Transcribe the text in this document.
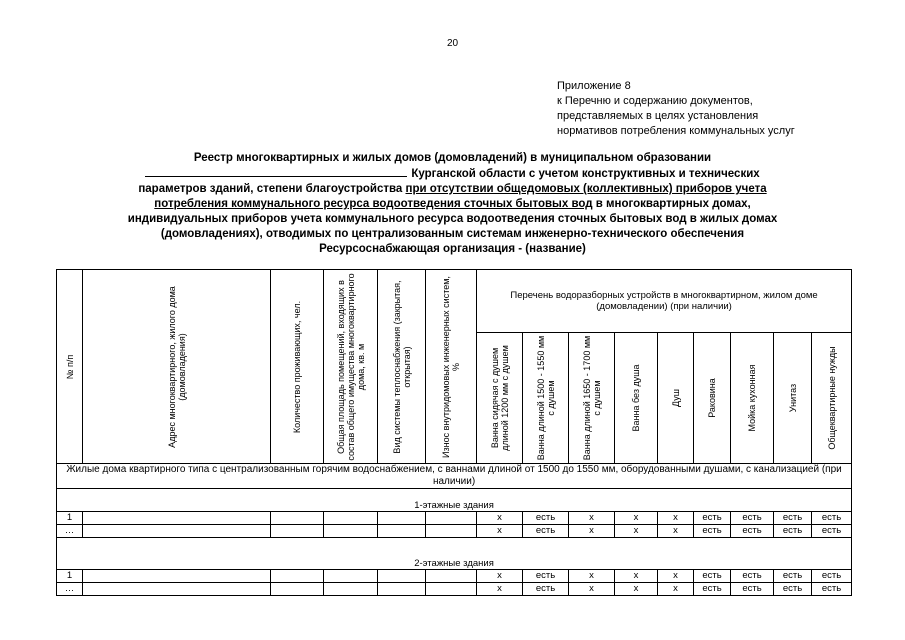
20
Приложение 8
к Перечню и содержанию документов,
представляемых в целях установления
нормативов потребления коммунальных услуг
Реестр многоквартирных и жилых домов (домовладений) в муниципальном образовании
Курганской области с учетом конструктивных и технических
параметров зданий, степени благоустройства при отсутствии общедомовых (коллективных) приборов учета
потребления коммунального ресурса водоотведения сточных бытовых вод в многоквартирных домах,
индивидуальных приборов учета коммунального ресурса водоотведения сточных бытовых вод в жилых домах
(домовладениях), отводимых по централизованным системам инженерно-технического обеспечения
Ресурсоснабжающая организация - (название)
№ п/п	Адрес многоквартирного, жилого дома (домовладения)	Количество проживающих, чел.	Общая площадь помещений, входящих в состав общего имущества многоквартирного дома, кв. м	Вид системы теплоснабжения (закрытая, открытая)	Износ внутридомовых инженерных систем, %	Перечень водоразборных устройств в многоквартирном, жилом доме (домовладении) (при наличии)								

						Ванна сидячая с душем длиной 1200 мм с душем	Ванна длиной 1500 - 1550 мм с душем	Ванна длиной 1650 - 1700 мм с душем	Ванна без душа	Душ	Раковина	Мойка кухонная	Унитаз	Общеквартирные нужды

Жилые дома квартирного типа с централизованным горячим водоснабжением, с ваннами длиной от 1500 до 1550 мм, оборудованными душами, с канализацией (при наличии)														

1-этажные здания														
1						х	есть	х	х	х	есть	есть	есть	есть
…						х	есть	х	х	х	есть	есть	есть	есть

2-этажные здания														
1						х	есть	х	х	х	есть	есть	есть	есть
…						х	есть	х	х	х	есть	есть	есть	есть
